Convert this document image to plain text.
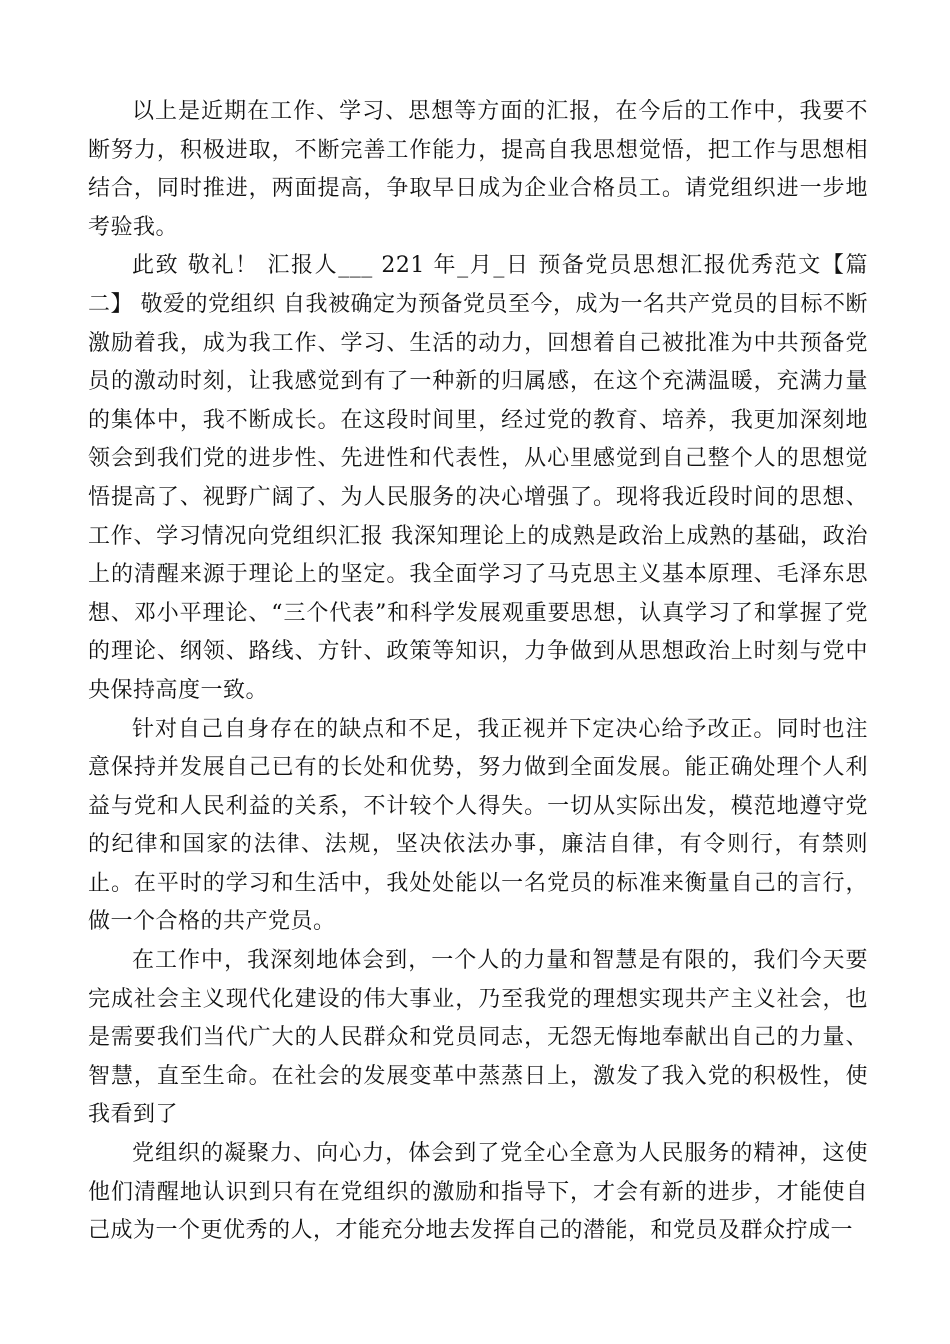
以上是近期在工作、学习、思想等方面的汇报，在今后的工作中，我要不断努力，积极进取，不断完善工作能力，提高自我思想觉悟，把工作与思想相结合，同时推进，两面提高，争取早日成为企业合格员工。请党组织进一步地考验我。

此致 敬礼！ 汇报人___ 221 年_月_日 预备党员思想汇报优秀范文【篇二】 敬爱的党组织 自我被确定为预备党员至今，成为一名共产党员的目标不断激励着我，成为我工作、学习、生活的动力，回想着自己被批准为中共预备党员的激动时刻，让我感觉到有了一种新的归属感，在这个充满温暖，充满力量的集体中，我不断成长。在这段时间里，经过党的教育、培养，我更加深刻地领会到我们党的进步性、先进性和代表性，从心里感觉到自己整个人的思想觉悟提高了、视野广阔了、为人民服务的决心增强了。现将我近段时间的思想、工作、学习情况向党组织汇报 我深知理论上的成熟是政治上成熟的基础，政治上的清醒来源于理论上的坚定。我全面学习了马克思主义基本原理、毛泽东思想、邓小平理论、“三个代表”和科学发展观重要思想，认真学习了和掌握了党的理论、纲领、路线、方针、政策等知识，力争做到从思想政治上时刻与党中央保持高度一致。

针对自己自身存在的缺点和不足，我正视并下定决心给予改正。同时也注意保持并发展自己已有的长处和优势，努力做到全面发展。能正确处理个人利益与党和人民利益的关系，不计较个人得失。一切从实际出发，模范地遵守党的纪律和国家的法律、法规，坚决依法办事，廉洁自律，有令则行，有禁则止。在平时的学习和生活中，我处处能以一名党员的标准来衡量自己的言行，做一个合格的共产党员。

在工作中，我深刻地体会到，一个人的力量和智慧是有限的，我们今天要完成社会主义现代化建设的伟大事业，乃至我党的理想实现共产主义社会，也是需要我们当代广大的人民群众和党员同志，无怨无悔地奉献出自己的力量、智慧，直至生命。在社会的发展变革中蒸蒸日上，激发了我入党的积极性，使我看到了

党组织的凝聚力、向心力，体会到了党全心全意为人民服务的精神，这使他们清醒地认识到只有在党组织的激励和指导下，才会有新的进步，才能使自己成为一个更优秀的人，才能充分地去发挥自己的潜能，和党员及群众拧成一
